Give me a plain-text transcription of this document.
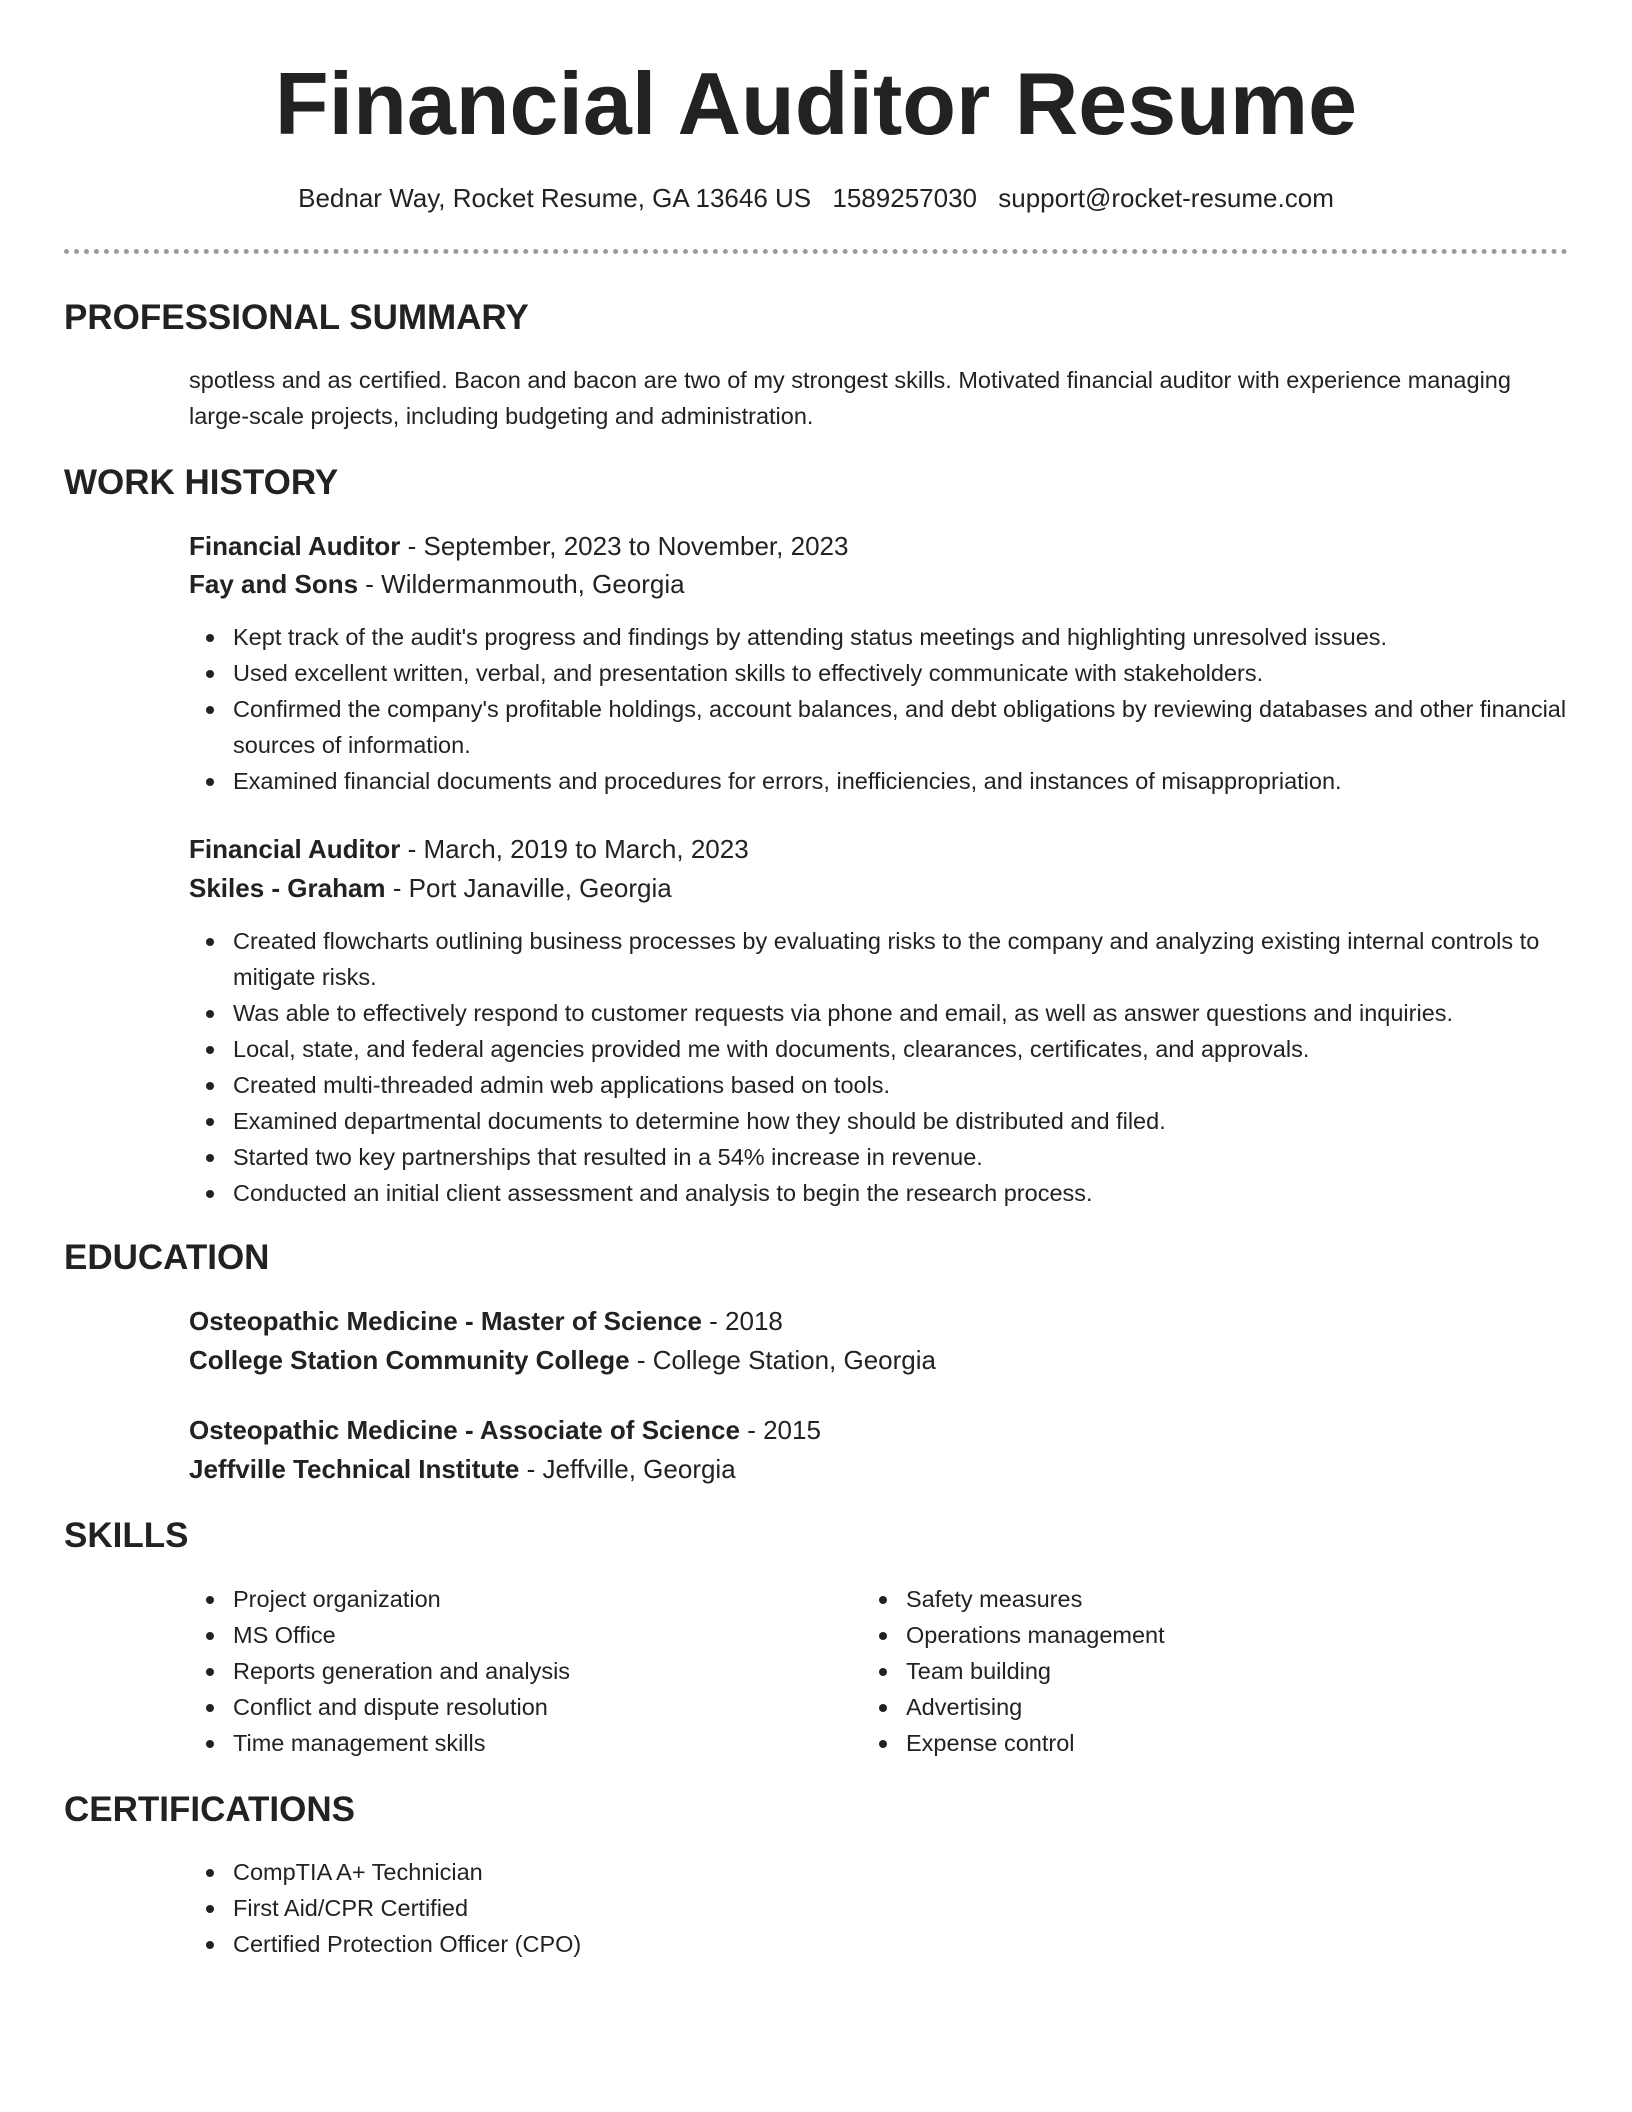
Financial Auditor Resume
Bednar Way, Rocket Resume, GA 13646 US 1589257030 support@rocket-resume.com
PROFESSIONAL SUMMARY
spotless and as certified. Bacon and bacon are two of my strongest skills. Motivated financial auditor with experience managing large-scale projects, including budgeting and administration.
WORK HISTORY
Financial Auditor - September, 2023 to November, 2023
Fay and Sons - Wildermanmouth, Georgia
Kept track of the audit's progress and findings by attending status meetings and highlighting unresolved issues.
Used excellent written, verbal, and presentation skills to effectively communicate with stakeholders.
Confirmed the company's profitable holdings, account balances, and debt obligations by reviewing databases and other financial sources of information.
Examined financial documents and procedures for errors, inefficiencies, and instances of misappropriation.
Financial Auditor - March, 2019 to March, 2023
Skiles - Graham - Port Janaville, Georgia
Created flowcharts outlining business processes by evaluating risks to the company and analyzing existing internal controls to mitigate risks.
Was able to effectively respond to customer requests via phone and email, as well as answer questions and inquiries.
Local, state, and federal agencies provided me with documents, clearances, certificates, and approvals.
Created multi-threaded admin web applications based on tools.
Examined departmental documents to determine how they should be distributed and filed.
Started two key partnerships that resulted in a 54% increase in revenue.
Conducted an initial client assessment and analysis to begin the research process.
EDUCATION
Osteopathic Medicine - Master of Science - 2018
College Station Community College - College Station, Georgia
Osteopathic Medicine - Associate of Science - 2015
Jeffville Technical Institute - Jeffville, Georgia
SKILLS
Project organization
MS Office
Reports generation and analysis
Conflict and dispute resolution
Time management skills
Safety measures
Operations management
Team building
Advertising
Expense control
CERTIFICATIONS
CompTIA A+ Technician
First Aid/CPR Certified
Certified Protection Officer (CPO)
